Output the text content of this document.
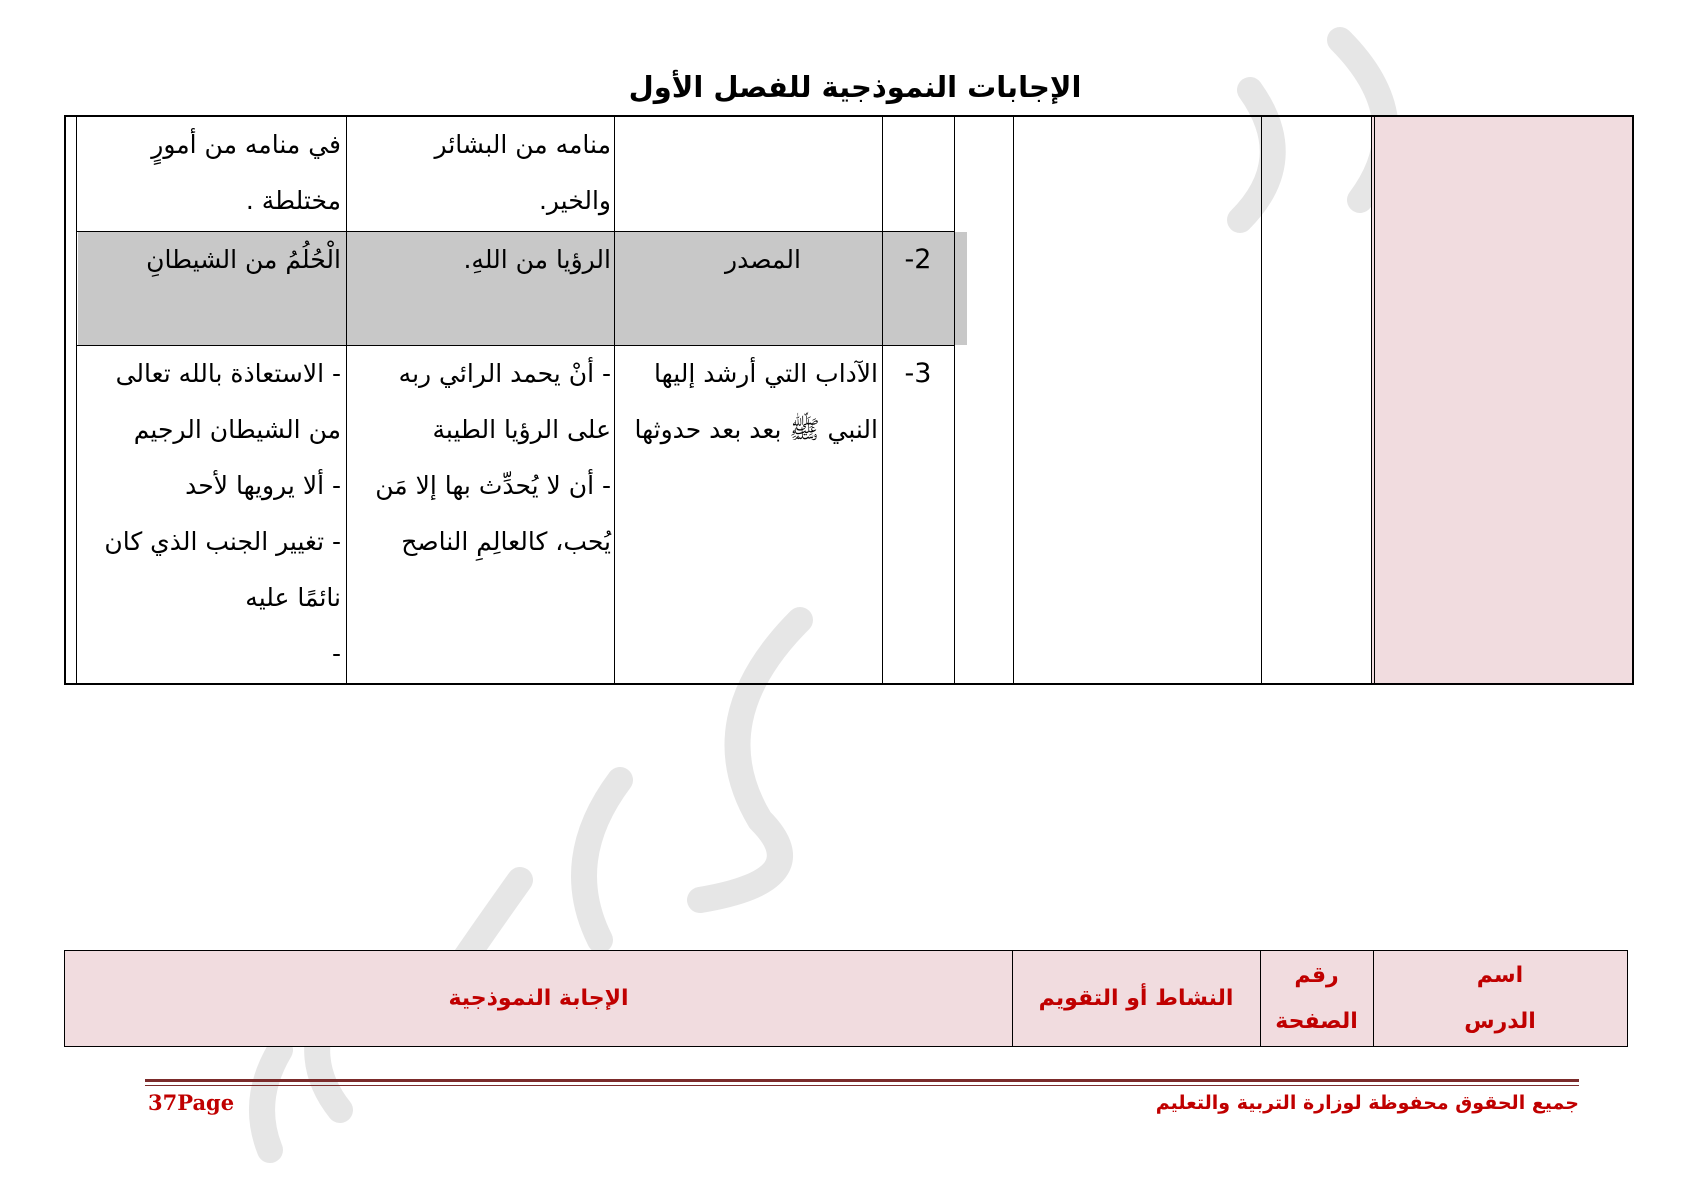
الإجابات النموذجية للفصل الأول
منامه من البشائر
والخير.
في منامه من أمورٍ
مختلطة .
2-
المصدر
الرؤيا من اللهِ.
الْحُلُمُ من الشيطانِ
3-
الآداب التي أرشد إليها
النبي ﷺ بعد بعد حدوثها
- أنْ يحمد الرائي ربه
على الرؤيا الطيبة
- أن لا يُحدِّث بها إلا مَن
يُحب، كالعالِمِ الناصح
- الاستعاذة بالله تعالى
من الشيطان الرجيم
- ألا يرويها لأحد
- تغيير الجنب الذي كان
نائمًا عليه
-
اسم
الدرس
رقم
الصفحة
النشاط أو التقويم
الإجابة النموذجية
جميع الحقوق محفوظة لوزارة التربية والتعليم
37Page
